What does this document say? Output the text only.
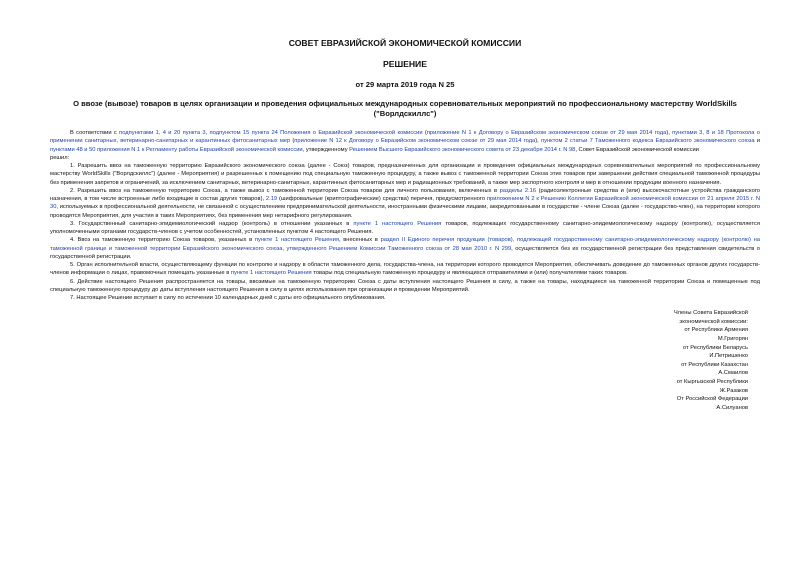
СОВЕТ ЕВРАЗИЙСКОЙ ЭКОНОМИЧЕСКОЙ КОМИССИИ
РЕШЕНИЕ
от 29 марта 2019 года N 25
О ввозе (вывозе) товаров в целях организации и проведения официальных международных соревновательных мероприятий по профессиональному мастерству WorldSkills ("Ворлдскиллс")

В соответствии с подпунктами 1, 4 и 20 пункта 3, подпунктом 15 пункта 24 Положения о Евразийской экономической комиссии (приложение N 1 к Договору о Евразийском экономическом союзе от 29 мая 2014 года), пунктами 3, 8 и 18 Протокола о применении санитарных, ветеринарно-санитарных и карантинных фитосанитарных мер (приложение N 12 к Договору о Евразийском экономическом союзе от 29 мая 2014 года), пунктом 2 статьи 7 Таможенного кодекса Евразийского экономического союза и пунктами 48 и 50 приложения N 1 к Регламенту работы Евразийской экономической комиссии, утвержденному Решением Высшего Евразийского экономического совета от 23 декабря 2014 г. N 98, Совет Евразийской экономической комиссии

решил:

1. Разрешить ввоз на таможенную территорию Евразийского экономического союза (далее - Союз) товаров, предназначенных для организации и проведения официальных международных соревновательных мероприятий по профессиональному мастерству WorldSkills ("Ворлдскиллс") (далее - Мероприятия) и разрешенных к помещению под специальную таможенную процедуру, а также вывоз с таможенной территории Союза этих товаров при завершении действия специальной таможенной процедуры без применения запретов и ограничений, за исключением санитарных, ветеринарно-санитарных, карантинных фитосанитарных мер и радиационных требований, а также мер экспортного контроля и мер в отношении продукции военного назначения.

2. Разрешить ввоз на таможенную территорию Союза, а также вывоз с таможенной территории Союза товаров для личного пользования, включенных в разделы 2.16 (радиоэлектронные средства и (или) высокочастотные устройства гражданского назначения, в том числе встроенные либо входящие в состав других товаров), 2.19 (шифровальные (криптографические) средства) перечня, предусмотренного приложением N 2 к Решению Коллегии Евразийской экономической комиссии от 21 апреля 2015 г. N 30, используемых в профессиональной деятельности, не связанной с осуществлением предпринимательской деятельности, иностранными физическими лицами, аккредитованными в государстве - члене Союза (далее - государство-член), на территории которого проводятся Мероприятия, для участия в таких Мероприятиях, без применения мер нетарифного регулирования.

3. Государственный санитарно-эпидемиологический надзор (контроль) в отношении указанных в пункте 1 настоящего Решения товаров, подлежащих государственному санитарно-эпидемиологическому надзору (контролю), осуществляется уполномоченными органами государств-членов с учетом особенностей, установленных пунктом 4 настоящего Решения.

4. Ввоз на таможенную территорию Союза товаров, указанных в пункте 1 настоящего Решения, внесенных в раздел II Единого перечня продукции (товаров), подлежащей государственному санитарно-эпидемиологическому надзору (контролю) на таможенной границе и таможенной территории Евразийского экономического союза, утвержденного Решением Комиссии Таможенного союза от 28 мая 2010 г. N 299, осуществляется без их государственной регистрации без представления свидетельств о государственной регистрации.

5. Орган исполнительной власти, осуществляющему функции по контролю и надзору в области таможенного дела, государства-члена, на территории которого проводятся Мероприятия, обеспечивать доведение до таможенных органов других государств-членов информации о лицах, правомочных помещать указанные в пункте 1 настоящего Решения товары под специальную таможенную процедуру и являющихся отправителями и (или) получателями таких товаров.

6. Действие настоящего Решения распространяется на товары, ввозимые на таможенную территорию Союза с даты вступления настоящего Решения в силу, а также на товары, находящиеся на таможенной территории Союза и помещенные под специальную таможенную процедуру до даты вступления настоящего Решения в силу в целях использования при организации и проведении Мероприятий.

7. Настоящее Решение вступает в силу по истечении 10 календарных дней с даты его официального опубликования.

Члены Совета Евразийской
экономической комиссии:
от Республики Армения
М.Григорян
от Республики Беларусь
И.Петришенко
от Республики Казахстан
А.Смаилов
от Кыргызской Республики
Ж.Разаков
От Российской Федерации
А.Силуанов
